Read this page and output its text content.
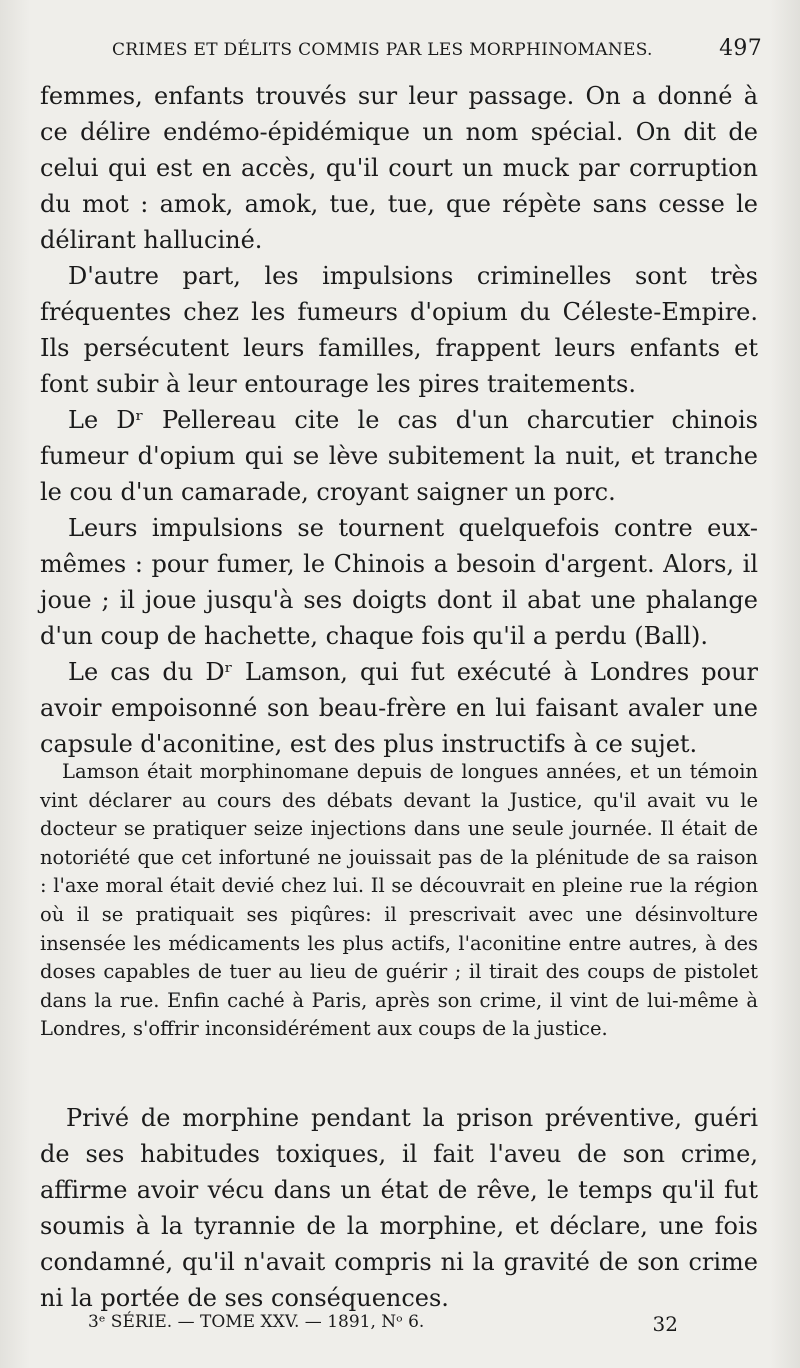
CRIMES ET DÉLITS COMMIS PAR LES MORPHINOMANES.	497

femmes, enfants trouvés sur leur passage. On a donné à ce délire endémo-épidémique un nom spécial. On dit de celui qui est en accès, qu'il court un muck par corruption du mot : amok, amok, tue, tue, que répète sans cesse le délirant halluciné.

D'autre part, les impulsions criminelles sont très fréquentes chez les fumeurs d'opium du Céleste-Empire. Ils persécutent leurs familles, frappent leurs enfants et font subir à leur entourage les pires traitements.

Le Dʳ Pellereau cite le cas d'un charcutier chinois fumeur d'opium qui se lève subitement la nuit, et tranche le cou d'un camarade, croyant saigner un porc.

Leurs impulsions se tournent quelquefois contre eux-mêmes : pour fumer, le Chinois a besoin d'argent. Alors, il joue ; il joue jusqu'à ses doigts dont il abat une phalange d'un coup de hachette, chaque fois qu'il a perdu (Ball).

Le cas du Dʳ Lamson, qui fut exécuté à Londres pour avoir empoisonné son beau-frère en lui faisant avaler une capsule d'aconitine, est des plus instructifs à ce sujet.

Lamson était morphinomane depuis de longues années, et un témoin vint déclarer au cours des débats devant la Justice, qu'il avait vu le docteur se pratiquer seize injections dans une seule journée. Il était de notoriété que cet infortuné ne jouissait pas de la plénitude de sa raison : l'axe moral était devié chez lui. Il se découvrait en pleine rue la région où il se pratiquait ses piqûres: il prescrivait avec une désinvolture insensée les médicaments les plus actifs, l'aconitine entre autres, à des doses capables de tuer au lieu de guérir ; il tirait des coups de pistolet dans la rue. Enfin caché à Paris, après son crime, il vint de lui-même à Londres, s'offrir inconsidérément aux coups de la justice.

Privé de morphine pendant la prison préventive, guéri de ses habitudes toxiques, il fait l'aveu de son crime, affirme avoir vécu dans un état de rêve, le temps qu'il fut soumis à la tyrannie de la morphine, et déclare, une fois condamné, qu'il n'avait compris ni la gravité de son crime ni la portée de ses conséquences.

3ᵉ SÉRIE. — TOME XXV. — 1891, Nᵒ 6.	32
